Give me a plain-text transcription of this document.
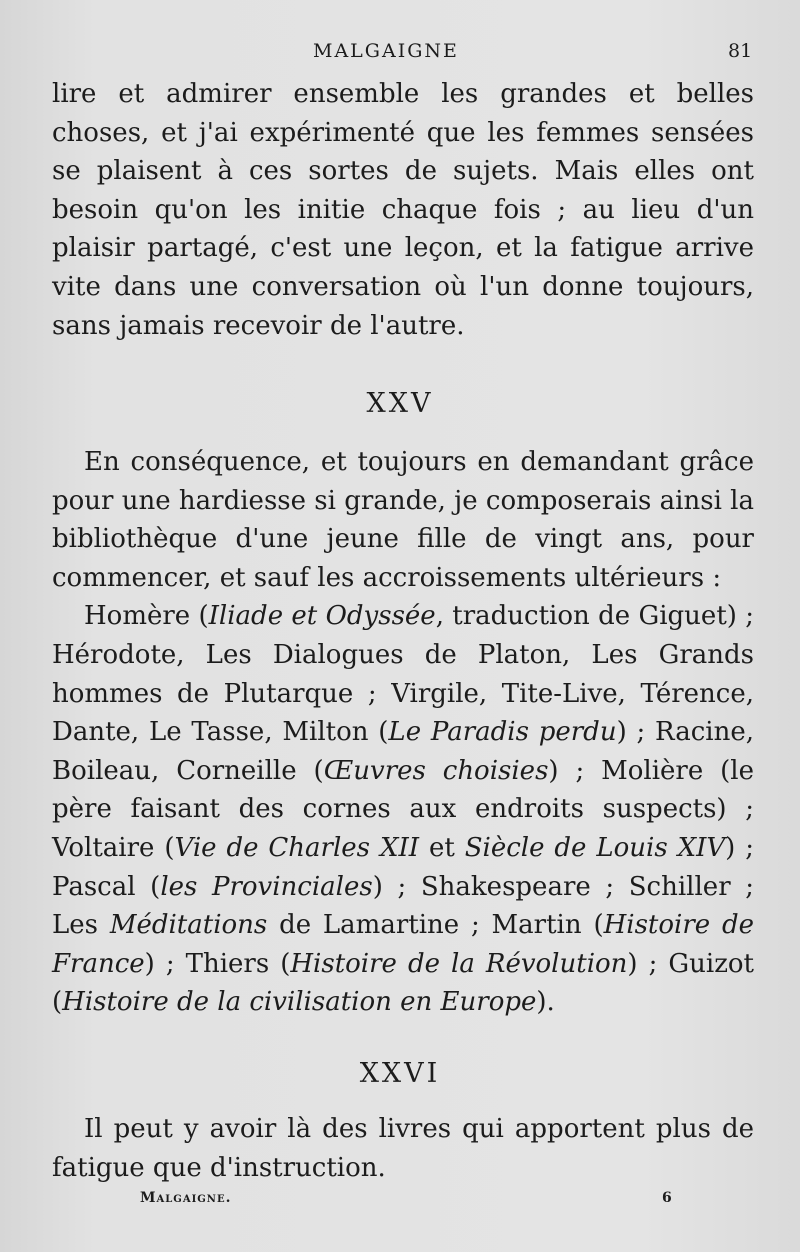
MALGAIGNE	81

lire et admirer ensemble les grandes et belles choses, et j'ai expérimenté que les femmes sensées se plaisent à ces sortes de sujets. Mais elles ont besoin qu'on les initie chaque fois ; au lieu d'un plaisir partagé, c'est une leçon, et la fatigue arrive vite dans une conversation où l'un donne toujours, sans jamais recevoir de l'autre.

XXV

En conséquence, et toujours en demandant grâce pour une hardiesse si grande, je composerais ainsi la bibliothèque d'une jeune fille de vingt ans, pour commencer, et sauf les accroissements ultérieurs :

Homère (Iliade et Odyssée, traduction de Giguet) ; Hérodote, Les Dialogues de Platon, Les Grands hommes de Plutarque ; Virgile, Tite-Live, Térence, Dante, Le Tasse, Milton (Le Paradis perdu) ; Racine, Boileau, Corneille (Œuvres choisies) ; Molière (le père faisant des cornes aux endroits suspects) ; Voltaire (Vie de Charles XII et Siècle de Louis XIV) ; Pascal (les Provinciales) ; Shakespeare ; Schiller ; Les Méditations de Lamartine ; Martin (Histoire de France) ; Thiers (Histoire de la Révolution) ; Guizot (Histoire de la civilisation en Europe).

XXVI

Il peut y avoir là des livres qui apportent plus de fatigue que d'instruction.

Malgaigne.	6
